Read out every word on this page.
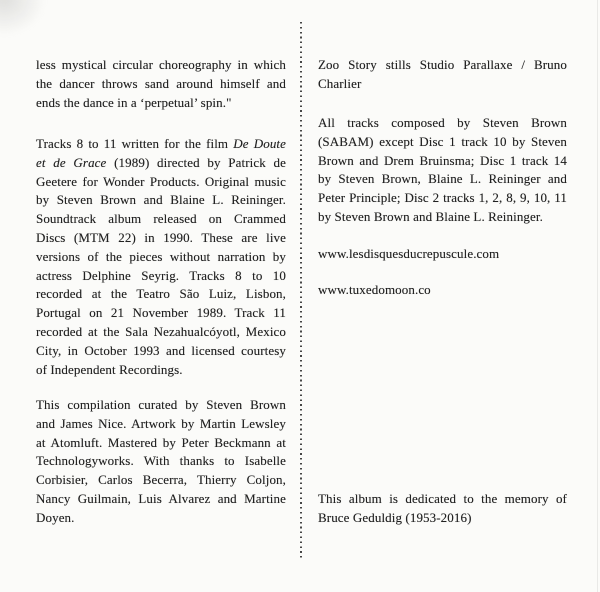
less mystical circular choreography in which
the dancer throws sand around himself and
ends the dance in a ‘perpetual’ spin."
Tracks 8 to 11 written for the film De Doute
et de Grace (1989) directed by Patrick de
Geetere for Wonder Products. Original music
by Steven Brown and Blaine L. Reininger.
Soundtrack album released on Crammed
Discs (MTM 22) in 1990. These are live
versions of the pieces without narration by
actress Delphine Seyrig. Tracks 8 to 10
recorded at the Teatro São Luiz, Lisbon,
Portugal on 21 November 1989. Track 11
recorded at the Sala Nezahualcóyotl, Mexico
City, in October 1993 and licensed courtesy
of Independent Recordings.
This compilation curated by Steven Brown
and James Nice. Artwork by Martin Lewsley
at Atomluft. Mastered by Peter Beckmann at
Technologyworks. With thanks to Isabelle
Corbisier, Carlos Becerra, Thierry Coljon,
Nancy Guilmain, Luis Alvarez and Martine
Doyen.
Zoo Story stills Studio Parallaxe / Bruno
Charlier
All tracks composed by Steven Brown
(SABAM) except Disc 1 track 10 by Steven
Brown and Drem Bruinsma; Disc 1 track 14
by Steven Brown, Blaine L. Reininger and
Peter Principle; Disc 2 tracks 1, 2, 8, 9, 10, 11
by Steven Brown and Blaine L. Reininger.
www.lesdisquesducrepuscule.com
www.tuxedomoon.co
This album is dedicated to the memory of
Bruce Geduldig (1953-2016)
